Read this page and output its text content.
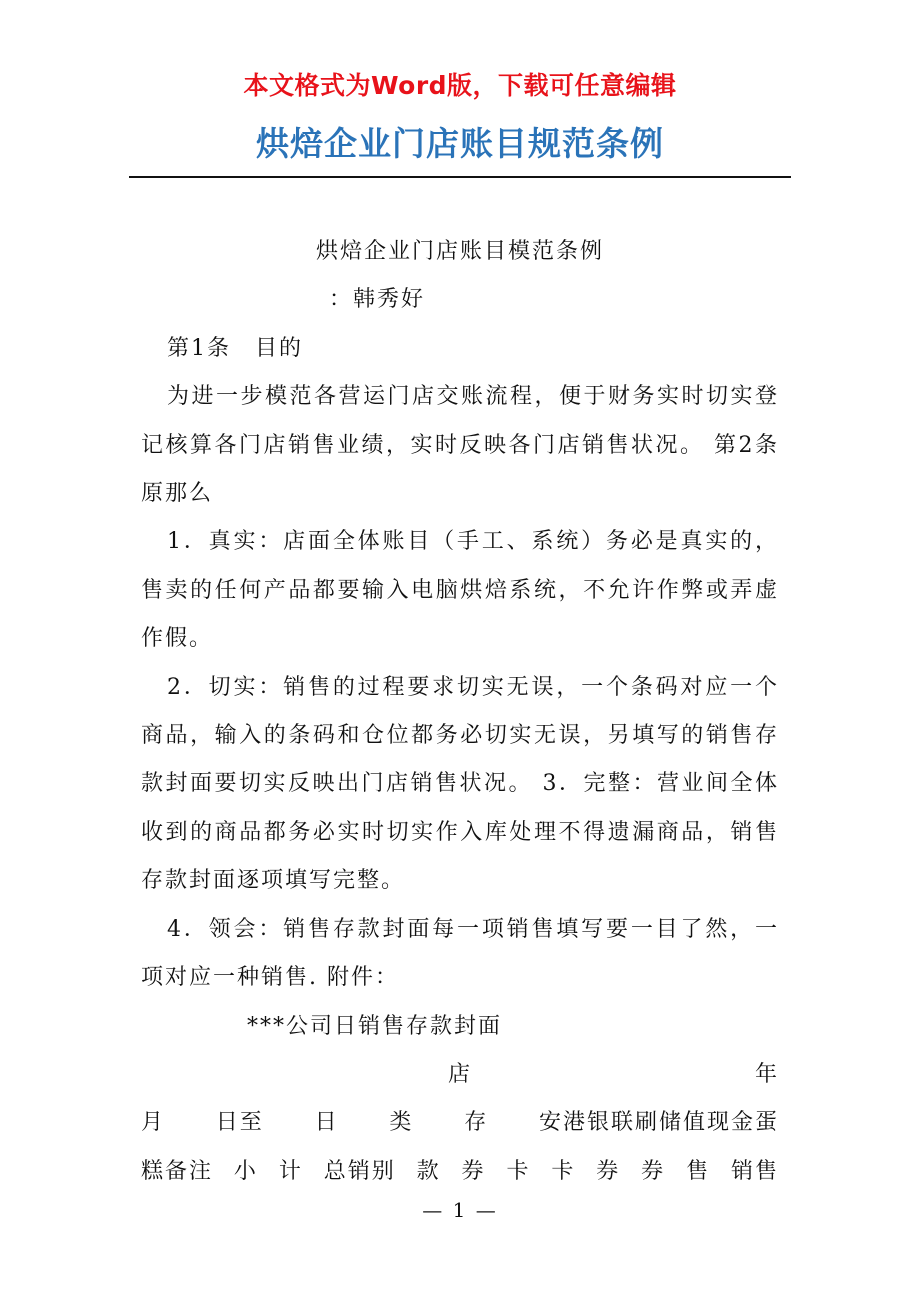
本文格式为Word版，下载可任意编辑
烘焙企业门店账目规范条例

烘焙企业门店账目模范条例

：韩秀好

第1条　目的

为进一步模范各营运门店交账流程，便于财务实时切实登记核算各门店销售业绩，实时反映各门店销售状况。 第2条　原那么

1．真实：店面全体账目（手工、系统）务必是真实的，售卖的任何产品都要输入电脑烘焙系统，不允许作弊或弄虚作假。

2．切实：销售的过程要求切实无误，一个条码对应一个商品，输入的条码和仓位都务必切实无误，另填写的销售存款封面要切实反映出门店销售状况。 3．完整：营业间全体收到的商品都务必实时切实作入库处理不得遗漏商品，销售存款封面逐项填写完整。

4．领会：销售存款封面每一项销售填写要一目了然，一项对应一种销售. 附件：

***公司日销售存款封面

店	年
月 日至 日 类 存 安港银联刷储值现金蛋
糕备注 小 计 总销别 款 券 卡 卡 券 券 售 销售
— 1 —
